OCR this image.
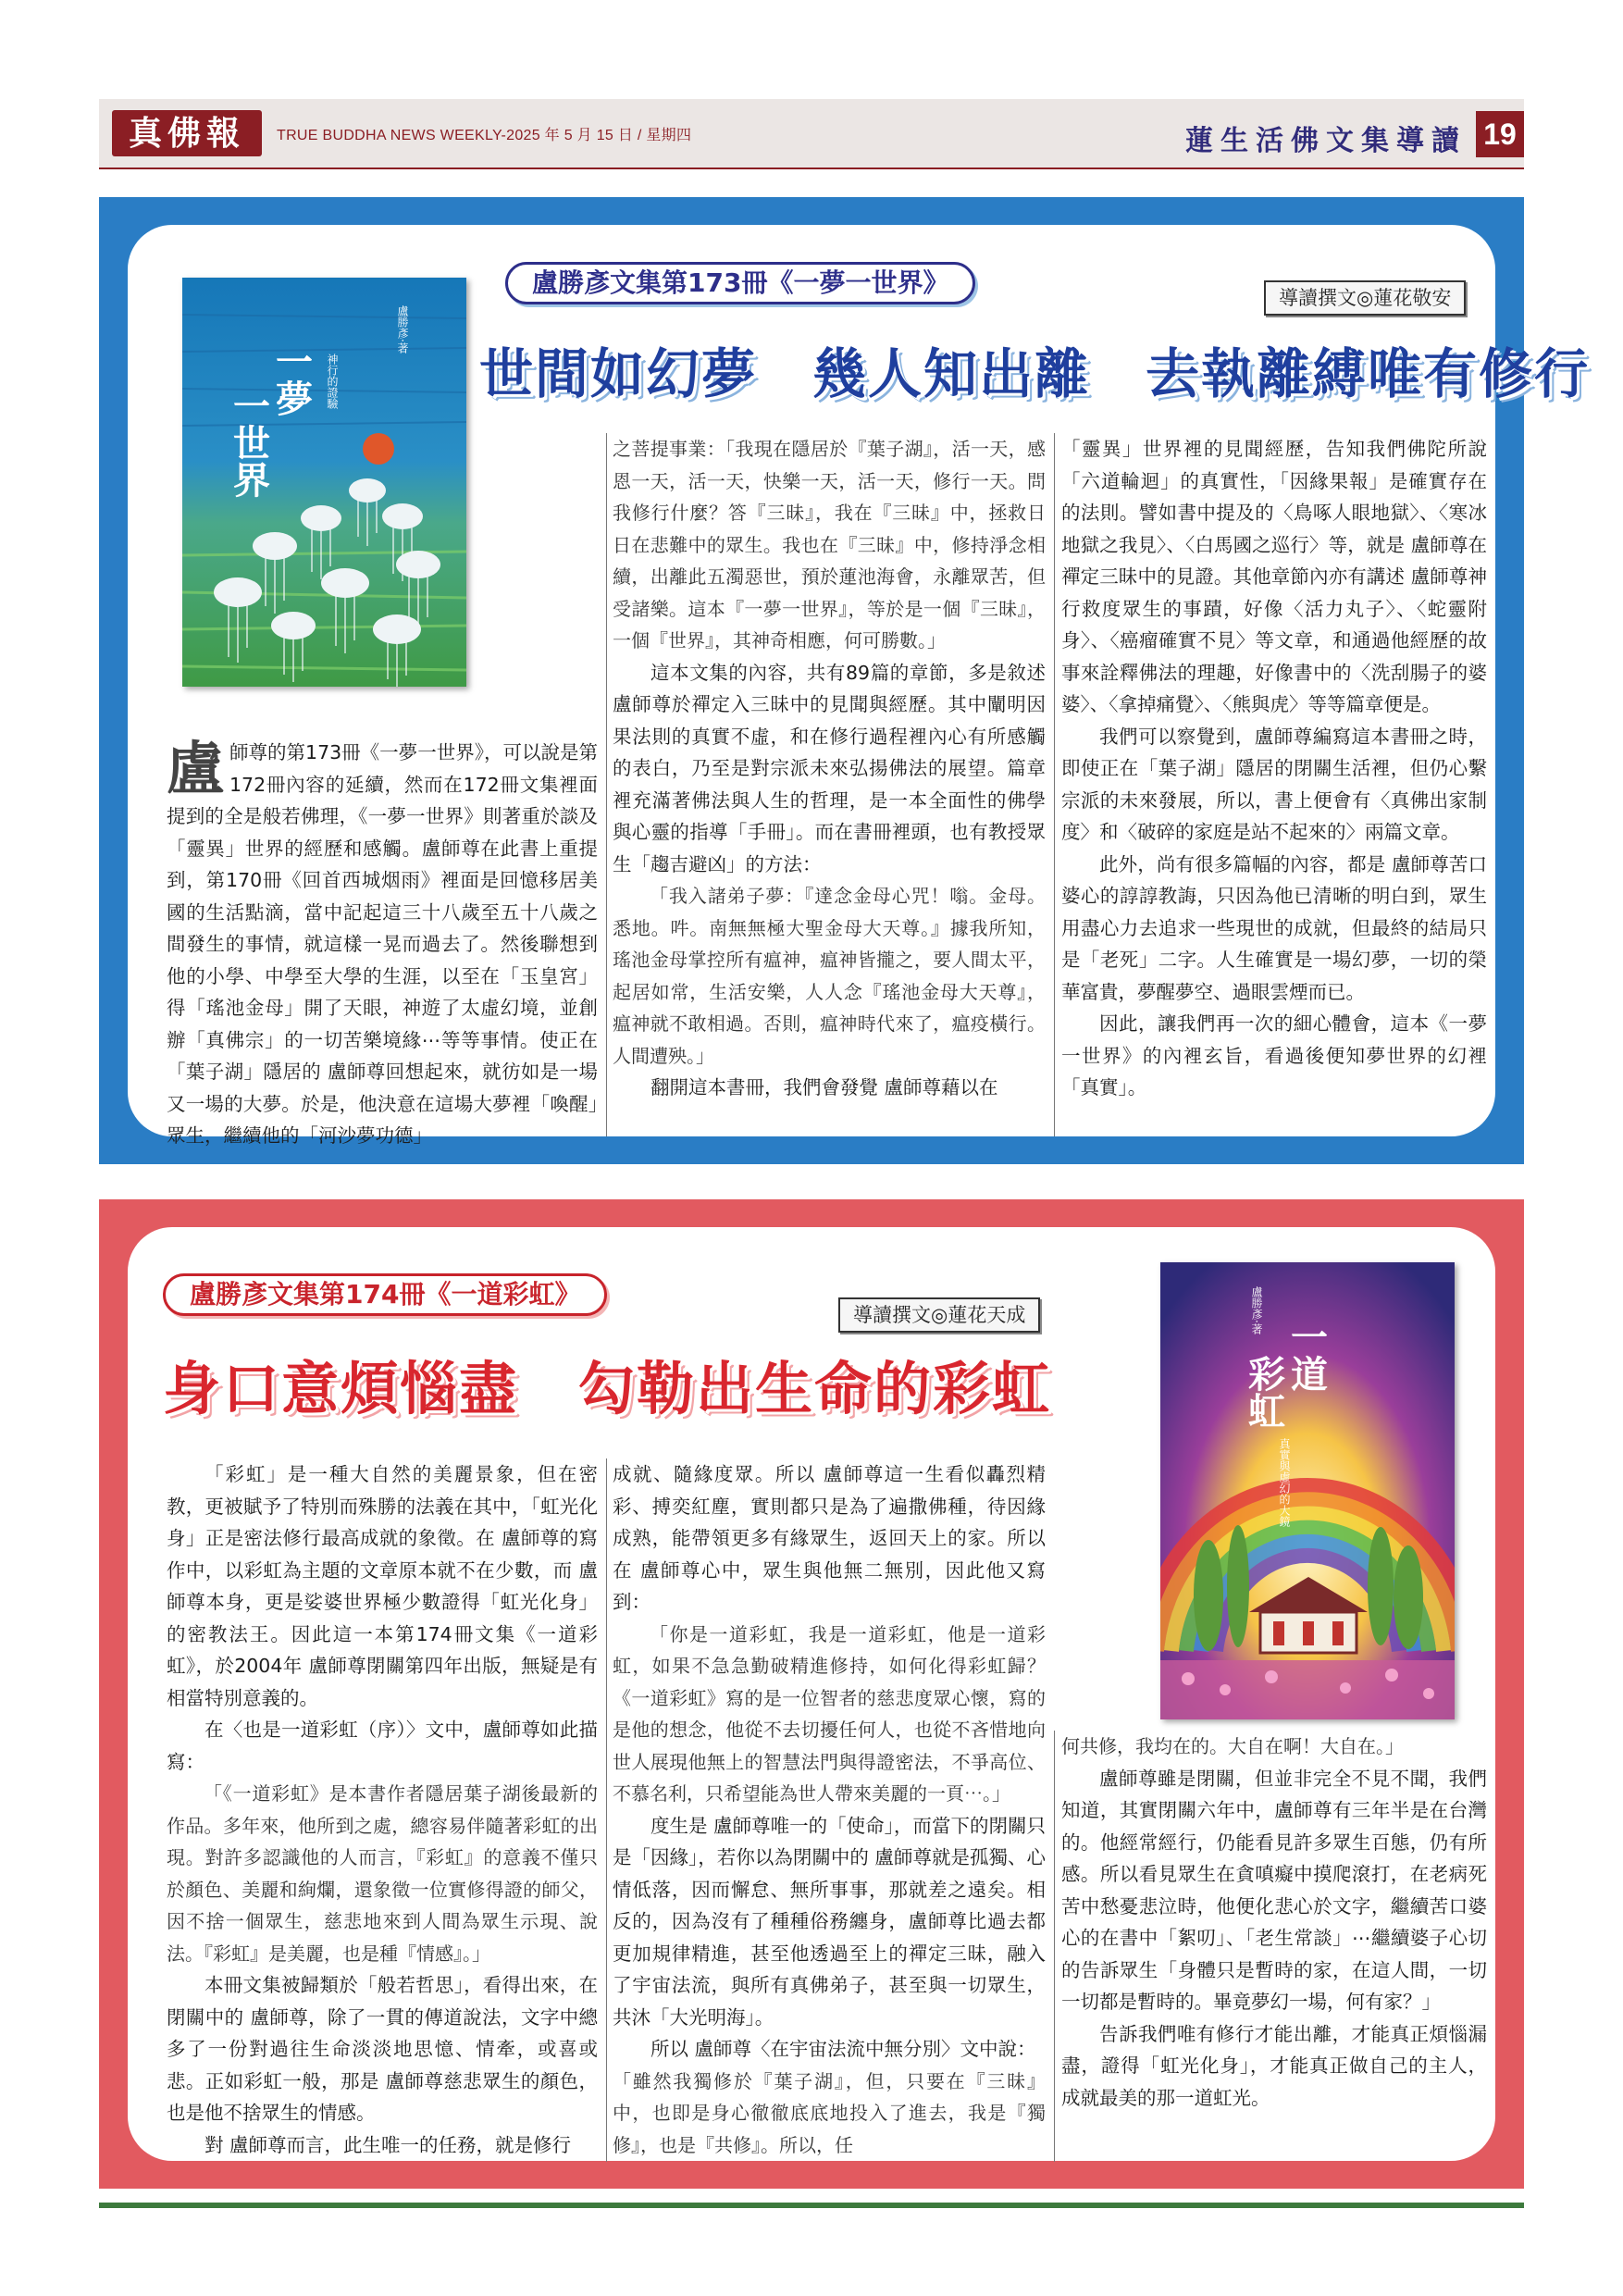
真佛報	TRUE BUDDHA NEWS WEEKLY-2025 年 5 月 15 日 / 星期四	蓮生活佛文集導讀 19
一夢
一世界
神行的證驗
盧勝彥·著
盧勝彥文集第173冊《一夢一世界》	導讀撰文◎蓮花敬安
世間如幻夢　幾人知出離　去執離縛唯有修行

盧師尊的第173冊《一夢一世界》，可以說是第172冊內容的延續，然而在172冊文集裡面提到的全是般若佛理，《一夢一世界》則著重於談及「靈異」世界的經歷和感觸。盧師尊在此書上重提到，第170冊《回首西城烟雨》裡面是回憶移居美國的生活點滴，當中記起這三十八歲至五十八歲之間發生的事情，就這樣一晃而過去了。然後聯想到他的小學、中學至大學的生涯，以至在「玉皇宮」得「瑤池金母」開了天眼，神遊了太虛幻境，並創辦「真佛宗」的一切苦樂境緣⋯等等事情。使正在「葉子湖」隱居的 盧師尊回想起來，就彷如是一場又一場的大夢。於是，他決意在這場大夢裡「喚醒」眾生，繼續他的「河沙夢功德」

之菩提事業：「我現在隱居於『葉子湖』，活一天，感恩一天，活一天，快樂一天，活一天，修行一天。問我修行什麼？答『三昧』，我在『三昧』中，拯救日日在悲難中的眾生。我也在『三昧』中，修持淨念相續，出離此五濁惡世，預於蓮池海會，永離眾苦，但受諸樂。這本『一夢一世界』，等於是一個『三昧』，一個『世界』，其神奇相應，何可勝數。」

這本文集的內容，共有89篇的章節，多是敘述 盧師尊於禪定入三昧中的見聞與經歷。其中闡明因果法則的真實不虛，和在修行過程裡內心有所感觸的表白，乃至是對宗派未來弘揚佛法的展望。篇章裡充滿著佛法與人生的哲理，是一本全面性的佛學與心靈的指導「手冊」。而在書冊裡頭，也有教授眾生「趨吉避凶」的方法：

「我入諸弟子夢：『達念金母心咒！嗡。金母。悉地。吽。南無無極大聖金母大天尊。』據我所知，瑤池金母掌控所有瘟神，瘟神皆攏之，要人間太平，起居如常，生活安樂，人人念『瑤池金母大天尊』，瘟神就不敢相過。否則，瘟神時代來了，瘟疫橫行。人間遭殃。」

翻開這本書冊，我們會發覺 盧師尊藉以在

「靈異」世界裡的見聞經歷，告知我們佛陀所說「六道輪迴」的真實性，「因緣果報」是確實存在的法則。譬如書中提及的〈鳥啄人眼地獄〉、〈寒冰地獄之我見〉、〈白馬國之巡行〉等，就是 盧師尊在禪定三昧中的見證。其他章節內亦有講述 盧師尊神行救度眾生的事蹟，好像〈活力丸子〉、〈蛇靈附身〉、〈癌瘤確實不見〉等文章，和通過他經歷的故事來詮釋佛法的理趣，好像書中的〈洗刮腸子的婆婆〉、〈拿掉痛覺〉、〈熊與虎〉等等篇章便是。

我們可以察覺到，盧師尊編寫這本書冊之時，即使正在「葉子湖」隱居的閉關生活裡，但仍心繫宗派的未來發展，所以，書上便會有〈真佛出家制度〉和〈破碎的家庭是站不起來的〉兩篇文章。

此外，尚有很多篇幅的內容，都是 盧師尊苦口婆心的諄諄教誨，只因為他已清晰的明白到，眾生用盡心力去追求一些現世的成就，但最終的結局只是「老死」二字。人生確實是一場幻夢，一切的榮華富貴，夢醒夢空、過眼雲煙而已。

因此，讓我們再一次的細心體會，這本《一夢一世界》的內裡玄旨，看過後便知夢世界的幻裡「真實」。

盧勝彥文集第174冊《一道彩虹》
導讀撰文◎蓮花天成
身口意煩惱盡　勾勒出生命的彩虹	彩虹 一道
真實與虛幻的大鏡
盧勝彥·著

「彩虹」是一種大自然的美麗景象，但在密教，更被賦予了特別而殊勝的法義在其中，「虹光化身」正是密法修行最高成就的象徵。在 盧師尊的寫作中，以彩虹為主題的文章原本就不在少數，而 盧師尊本身，更是娑婆世界極少數證得「虹光化身」的密教法王。因此這一本第174冊文集《一道彩虹》，於2004年 盧師尊閉關第四年出版，無疑是有相當特別意義的。

在〈也是一道彩虹（序）〉文中，盧師尊如此描寫：

「《一道彩虹》是本書作者隱居葉子湖後最新的作品。多年來，他所到之處，總容易伴隨著彩虹的出現。對許多認識他的人而言，『彩虹』的意義不僅只於顏色、美麗和絢爛，還象徵一位實修得證的師父，因不捨一個眾生，慈悲地來到人間為眾生示現、說法。『彩虹』是美麗，也是種『情感』。」

本冊文集被歸類於「般若哲思」，看得出來，在閉關中的 盧師尊，除了一貫的傳道說法，文字中總多了一份對過往生命淡淡地思憶、情牽，或喜或悲。正如彩虹一般，那是 盧師尊慈悲眾生的顏色，也是他不捨眾生的情感。

對 盧師尊而言，此生唯一的任務，就是修行

成就、隨緣度眾。所以 盧師尊這一生看似轟烈精彩、搏奕紅塵，實則都只是為了遍撒佛種，待因緣成熟，能帶領更多有緣眾生，返回天上的家。所以在 盧師尊心中，眾生與他無二無別，因此他又寫到：

「你是一道彩虹，我是一道彩虹，他是一道彩虹，如果不急急勤破精進修持，如何化得彩虹歸？《一道彩虹》寫的是一位智者的慈悲度眾心懷，寫的是他的想念，他從不去切擾任何人，也從不吝惜地向世人展現他無上的智慧法門與得證密法，不爭高位、不慕名利，只希望能為世人帶來美麗的一頁⋯。」

度生是 盧師尊唯一的「使命」，而當下的閉關只是「因緣」，若你以為閉關中的 盧師尊就是孤獨、心情低落，因而懈怠、無所事事，那就差之遠矣。相反的，因為沒有了種種俗務纏身，盧師尊比過去都更加規律精進，甚至他透過至上的禪定三昧，融入了宇宙法流，與所有真佛弟子，甚至與一切眾生，共沐「大光明海」。

所以 盧師尊〈在宇宙法流中無分別〉文中說：

「雖然我獨修於『葉子湖』，但，只要在『三昧』中，也即是身心徹徹底底地投入了進去，我是『獨修』，也是『共修』。所以，任

何共修，我均在的。大自在啊！大自在。」

盧師尊雖是閉關，但並非完全不見不聞，我們知道，其實閉關六年中，盧師尊有三年半是在台灣的。他經常經行，仍能看見許多眾生百態，仍有所感。所以看見眾生在貪嗔癡中摸爬滾打，在老病死苦中愁憂悲泣時，他便化悲心於文字，繼續苦口婆心的在書中「絮叨」、「老生常談」⋯繼續婆子心切的告訴眾生「身體只是暫時的家，在這人間，一切一切都是暫時的。畢竟夢幻一場，何有家？」

告訴我們唯有修行才能出離，才能真正煩惱漏盡，證得「虹光化身」，才能真正做自己的主人，成就最美的那一道虹光。
